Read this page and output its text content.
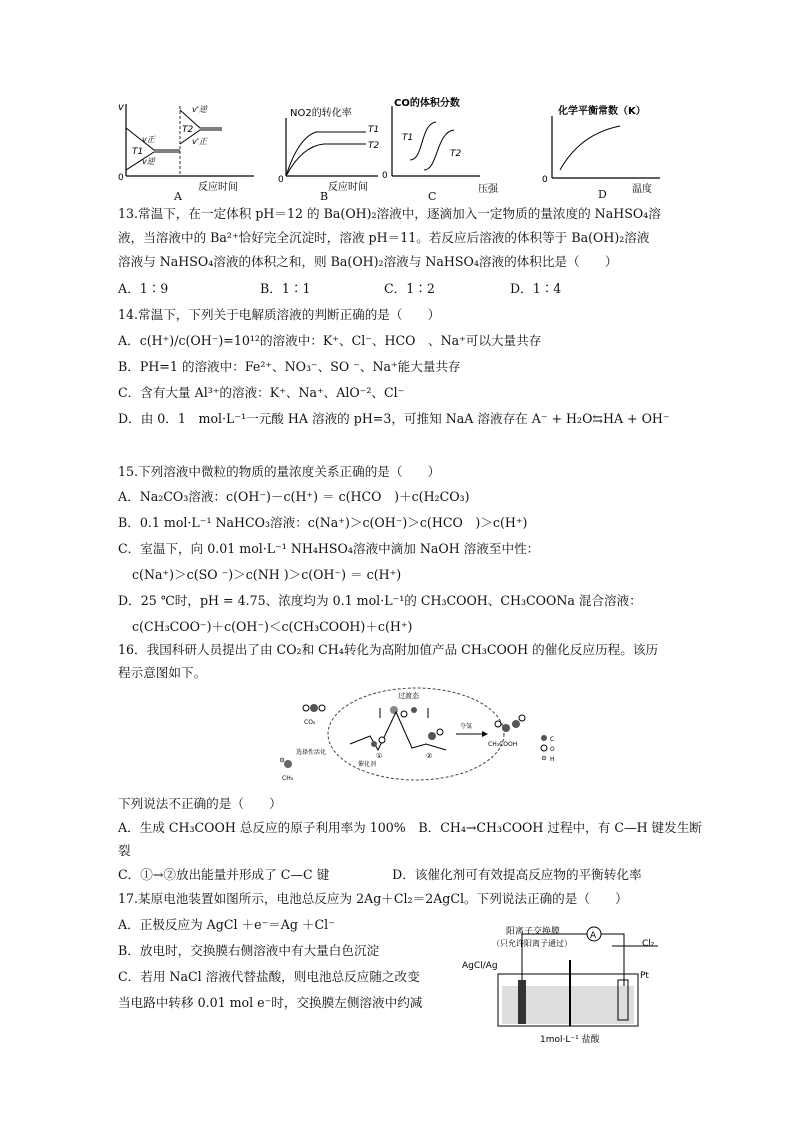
v
0
v正
v逆
v'逆
v'正
T1
T2
反应时间
A
NO2的转化率
T1
T2
0
反应时间
B
CO的体积分数
T1
T2
0
压强
C
化学平衡常数（K）
0
温度
D
13.常温下，在一定体积 pH＝12 的 Ba(OH)₂溶液中，逐滴加入一定物质的量浓度的 NaHSO₄溶
液，当溶液中的 Ba²⁺恰好完全沉淀时，溶液 pH＝11。若反应后溶液的体积等于 Ba(OH)₂溶液
溶液与 NaHSO₄溶液的体积之和，则 Ba(OH)₂溶液与 NaHSO₄溶液的体积比是（　　）
A．1∶9	B．1∶1	C．1∶2	D．1∶4
14.常温下，下列关于电解质溶液的判断正确的是（　　）
A．c(H⁺)/c(OH⁻)=10¹²的溶液中：K⁺、Cl⁻、HCO　、Na⁺可以大量共存
B．PH=1 的溶液中：Fe²⁺、NO₃⁻、SO ⁻、Na⁺能大量共存
C．含有大量 Al³⁺的溶液：K⁺、Na⁺、AlO⁻²、Cl⁻
D．由 0．1　mol·L⁻¹一元酸 HA 溶液的 pH=3，可推知 NaA 溶液存在 A⁻ + H₂O⇆HA + OH⁻
15.下列溶液中微粒的物质的量浓度关系正确的是（　　）
A．Na₂CO₃溶液：c(OH⁻)－c(H⁺) ＝ c(HCO　)＋c(H₂CO₃)
B．0.1 mol·L⁻¹ NaHCO₃溶液：c(Na⁺)＞c(OH⁻)＞c(HCO　)＞c(H⁺)
C．室温下，向 0.01 mol·L⁻¹ NH₄HSO₄溶液中滴加 NaOH 溶液至中性：
c(Na⁺)＞c(SO ⁻)＞c(NH )＞c(OH⁻) ＝ c(H⁺)
D．25 ℃时，pH = 4.75、浓度均为 0.1 mol·L⁻¹的 CH₃COOH、CH₃COONa 混合溶液：
c(CH₃COO⁻)＋c(OH⁻)＜c(CH₃COOH)＋c(H⁺)
16．我国科研人员提出了由 CO₂和 CH₄转化为高附加值产品 CH₃COOH 的催化反应历程。该历
程示意图如下。
过渡态
CO₂
选择性活化
CH₄
催化剂
①	②
夺氢
CH₃COOH
C
O
H
下列说法不正确的是（　　）
A．生成 CH₃COOH 总反应的原子利用率为 100%　B．CH₄→CH₃COOH 过程中，有 C—H 键发生断
裂
C．①→②放出能量并形成了 C—C 键　　　　　D．该催化剂可有效提高反应物的平衡转化率
17.某原电池装置如图所示，电池总反应为 2Ag＋Cl₂＝2AgCl。下列说法正确的是（　　）
A．正极反应为 AgCl ＋e⁻＝Ag ＋Cl⁻
B．放电时，交换膜右侧溶液中有大量白色沉淀
C．若用 NaCl 溶液代替盐酸，则电池总反应随之改变
当电路中转移 0.01 mol e⁻时，交换膜左侧溶液中约减
阳离子交换膜
（只允许阳离子通过）
A
AgCl/Ag
Cl₂
Pt
1mol·L⁻¹ 盐酸
